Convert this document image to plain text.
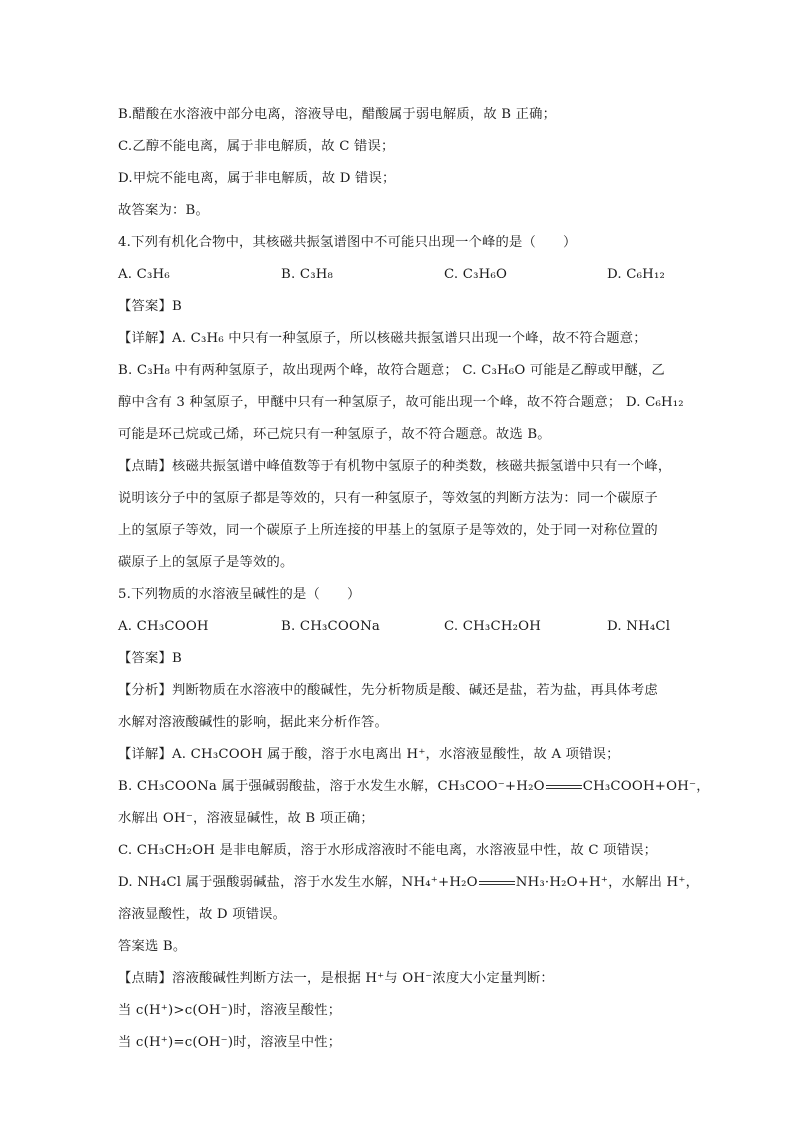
B.醋酸在水溶液中部分电离，溶液导电，醋酸属于弱电解质，故 B 正确；
C.乙醇不能电离，属于非电解质，故 C 错误；
D.甲烷不能电离，属于非电解质，故 D 错误；
故答案为：B。
4.下列有机化合物中，其核磁共振氢谱图中不可能只出现一个峰的是（　　）
A. C₃H₆	B. C₃H₈	C. C₃H₆O	D. C₆H₁₂
【答案】B
【详解】A. C₃H₆ 中只有一种氢原子，所以核磁共振氢谱只出现一个峰，故不符合题意；
B. C₃H₈ 中有两种氢原子，故出现两个峰，故符合题意； C. C₃H₆O 可能是乙醇或甲醚，乙
醇中含有 3 种氢原子，甲醚中只有一种氢原子，故可能出现一个峰，故不符合题意； D. C₆H₁₂
可能是环己烷或己烯，环己烷只有一种氢原子，故不符合题意。故选 B。
【点睛】核磁共振氢谱中峰值数等于有机物中氢原子的种类数，核磁共振氢谱中只有一个峰，
说明该分子中的氢原子都是等效的，只有一种氢原子，等效氢的判断方法为：同一个碳原子
上的氢原子等效，同一个碳原子上所连接的甲基上的氢原子是等效的，处于同一对称位置的
碳原子上的氢原子是等效的。
5.下列物质的水溶液呈碱性的是（　　）
A. CH₃COOH	B. CH₃COONa	C. CH₃CH₂OH	D. NH₄Cl
【答案】B
【分析】判断物质在水溶液中的酸碱性，先分析物质是酸、碱还是盐，若为盐，再具体考虑
水解对溶液酸碱性的影响，据此来分析作答。
【详解】A. CH₃COOH 属于酸，溶于水电离出 H⁺，水溶液显酸性，故 A 项错误；
B. CH₃COONa 属于强碱弱酸盐，溶于水发生水解，CH₃COO⁻+H₂O	CH₃COOH+OH⁻，
水解出 OH⁻，溶液显碱性，故 B 项正确；
C. CH₃CH₂OH 是非电解质，溶于水形成溶液时不能电离，水溶液显中性，故 C 项错误；
D. NH₄Cl 属于强酸弱碱盐，溶于水发生水解，NH₄⁺+H₂O	NH₃·H₂O+H⁺，水解出 H⁺，
溶液显酸性，故 D 项错误。
答案选 B。
【点睛】溶液酸碱性判断方法一，是根据 H⁺与 OH⁻浓度大小定量判断：
当 c(H⁺)>c(OH⁻)时，溶液呈酸性；
当 c(H⁺)=c(OH⁻)时，溶液呈中性；
